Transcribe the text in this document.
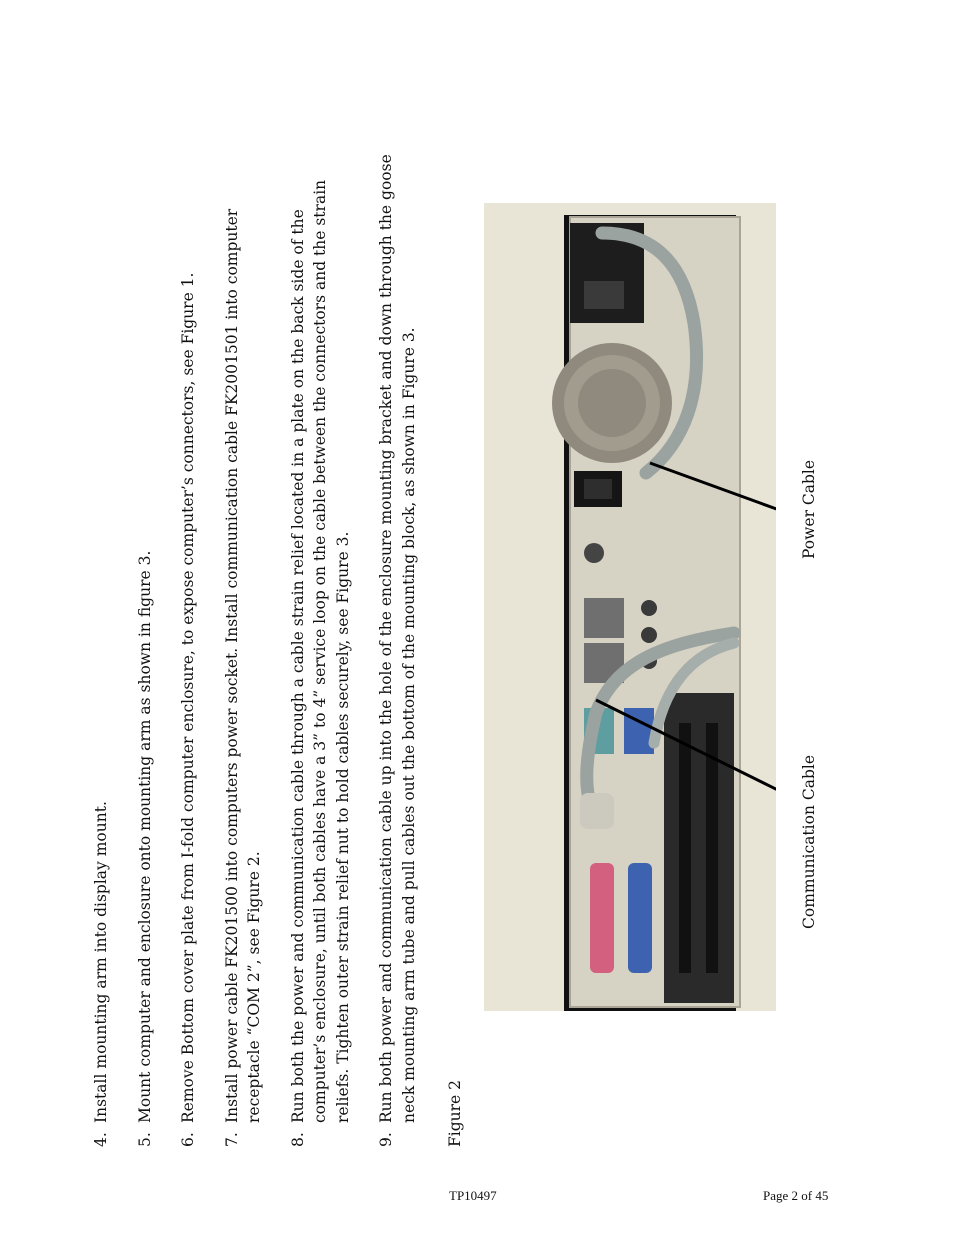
4.
Install mounting arm into display mount.
5.
Mount computer and enclosure onto mounting arm as shown in figure 3.
6.
Remove Bottom cover plate from I-fold computer enclosure, to expose computer’s connectors, see Figure 1.
7.
Install power cable FK201500 into computers power socket. Install communication cable FK2001501 into computer receptacle “COM 2”, see Figure 2.
8.
Run both the power and communication cable through a cable strain relief located in a plate on the back side of the computer’s enclosure, until both cables have a 3” to 4” service loop on the cable between the connectors and the strain reliefs. Tighten outer strain relief nut to hold cables securely, see Figure 3.
9.
Run both power and communication cable up into the hole of the enclosure mounting bracket and down through the goose neck mounting arm tube and pull cables out the bottom of the mounting block, as shown in Figure 3. Figure 2
Communication Cable
Power Cable
TP10497	Page 2 of 45
